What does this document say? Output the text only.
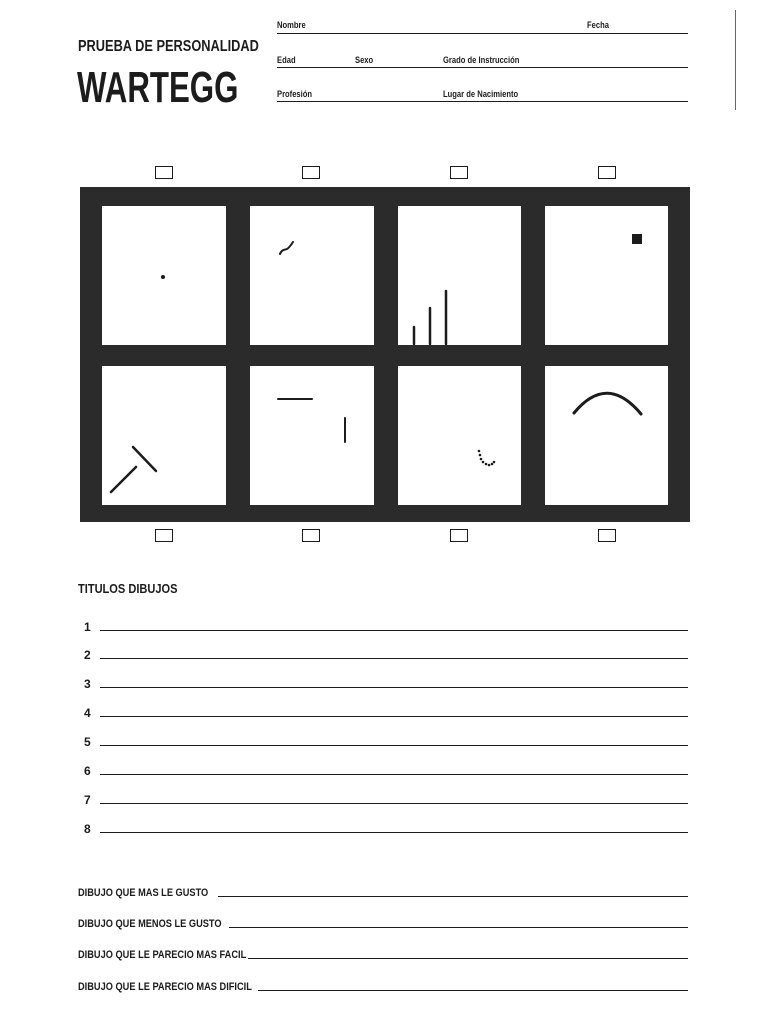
PRUEBA DE PERSONALIDAD
WARTEGG
Nombre	Fecha
Edad	Sexo	Grado de Instrucción
Profesión	Lugar de Nacimiento
TITULOS DIBUJOS
1
2
3
4
5
6
7
8
DIBUJO QUE MAS LE GUSTO
DIBUJO QUE MENOS LE GUSTO
DIBUJO QUE LE PARECIO MAS FACIL
DIBUJO QUE LE PARECIO MAS DIFICIL
